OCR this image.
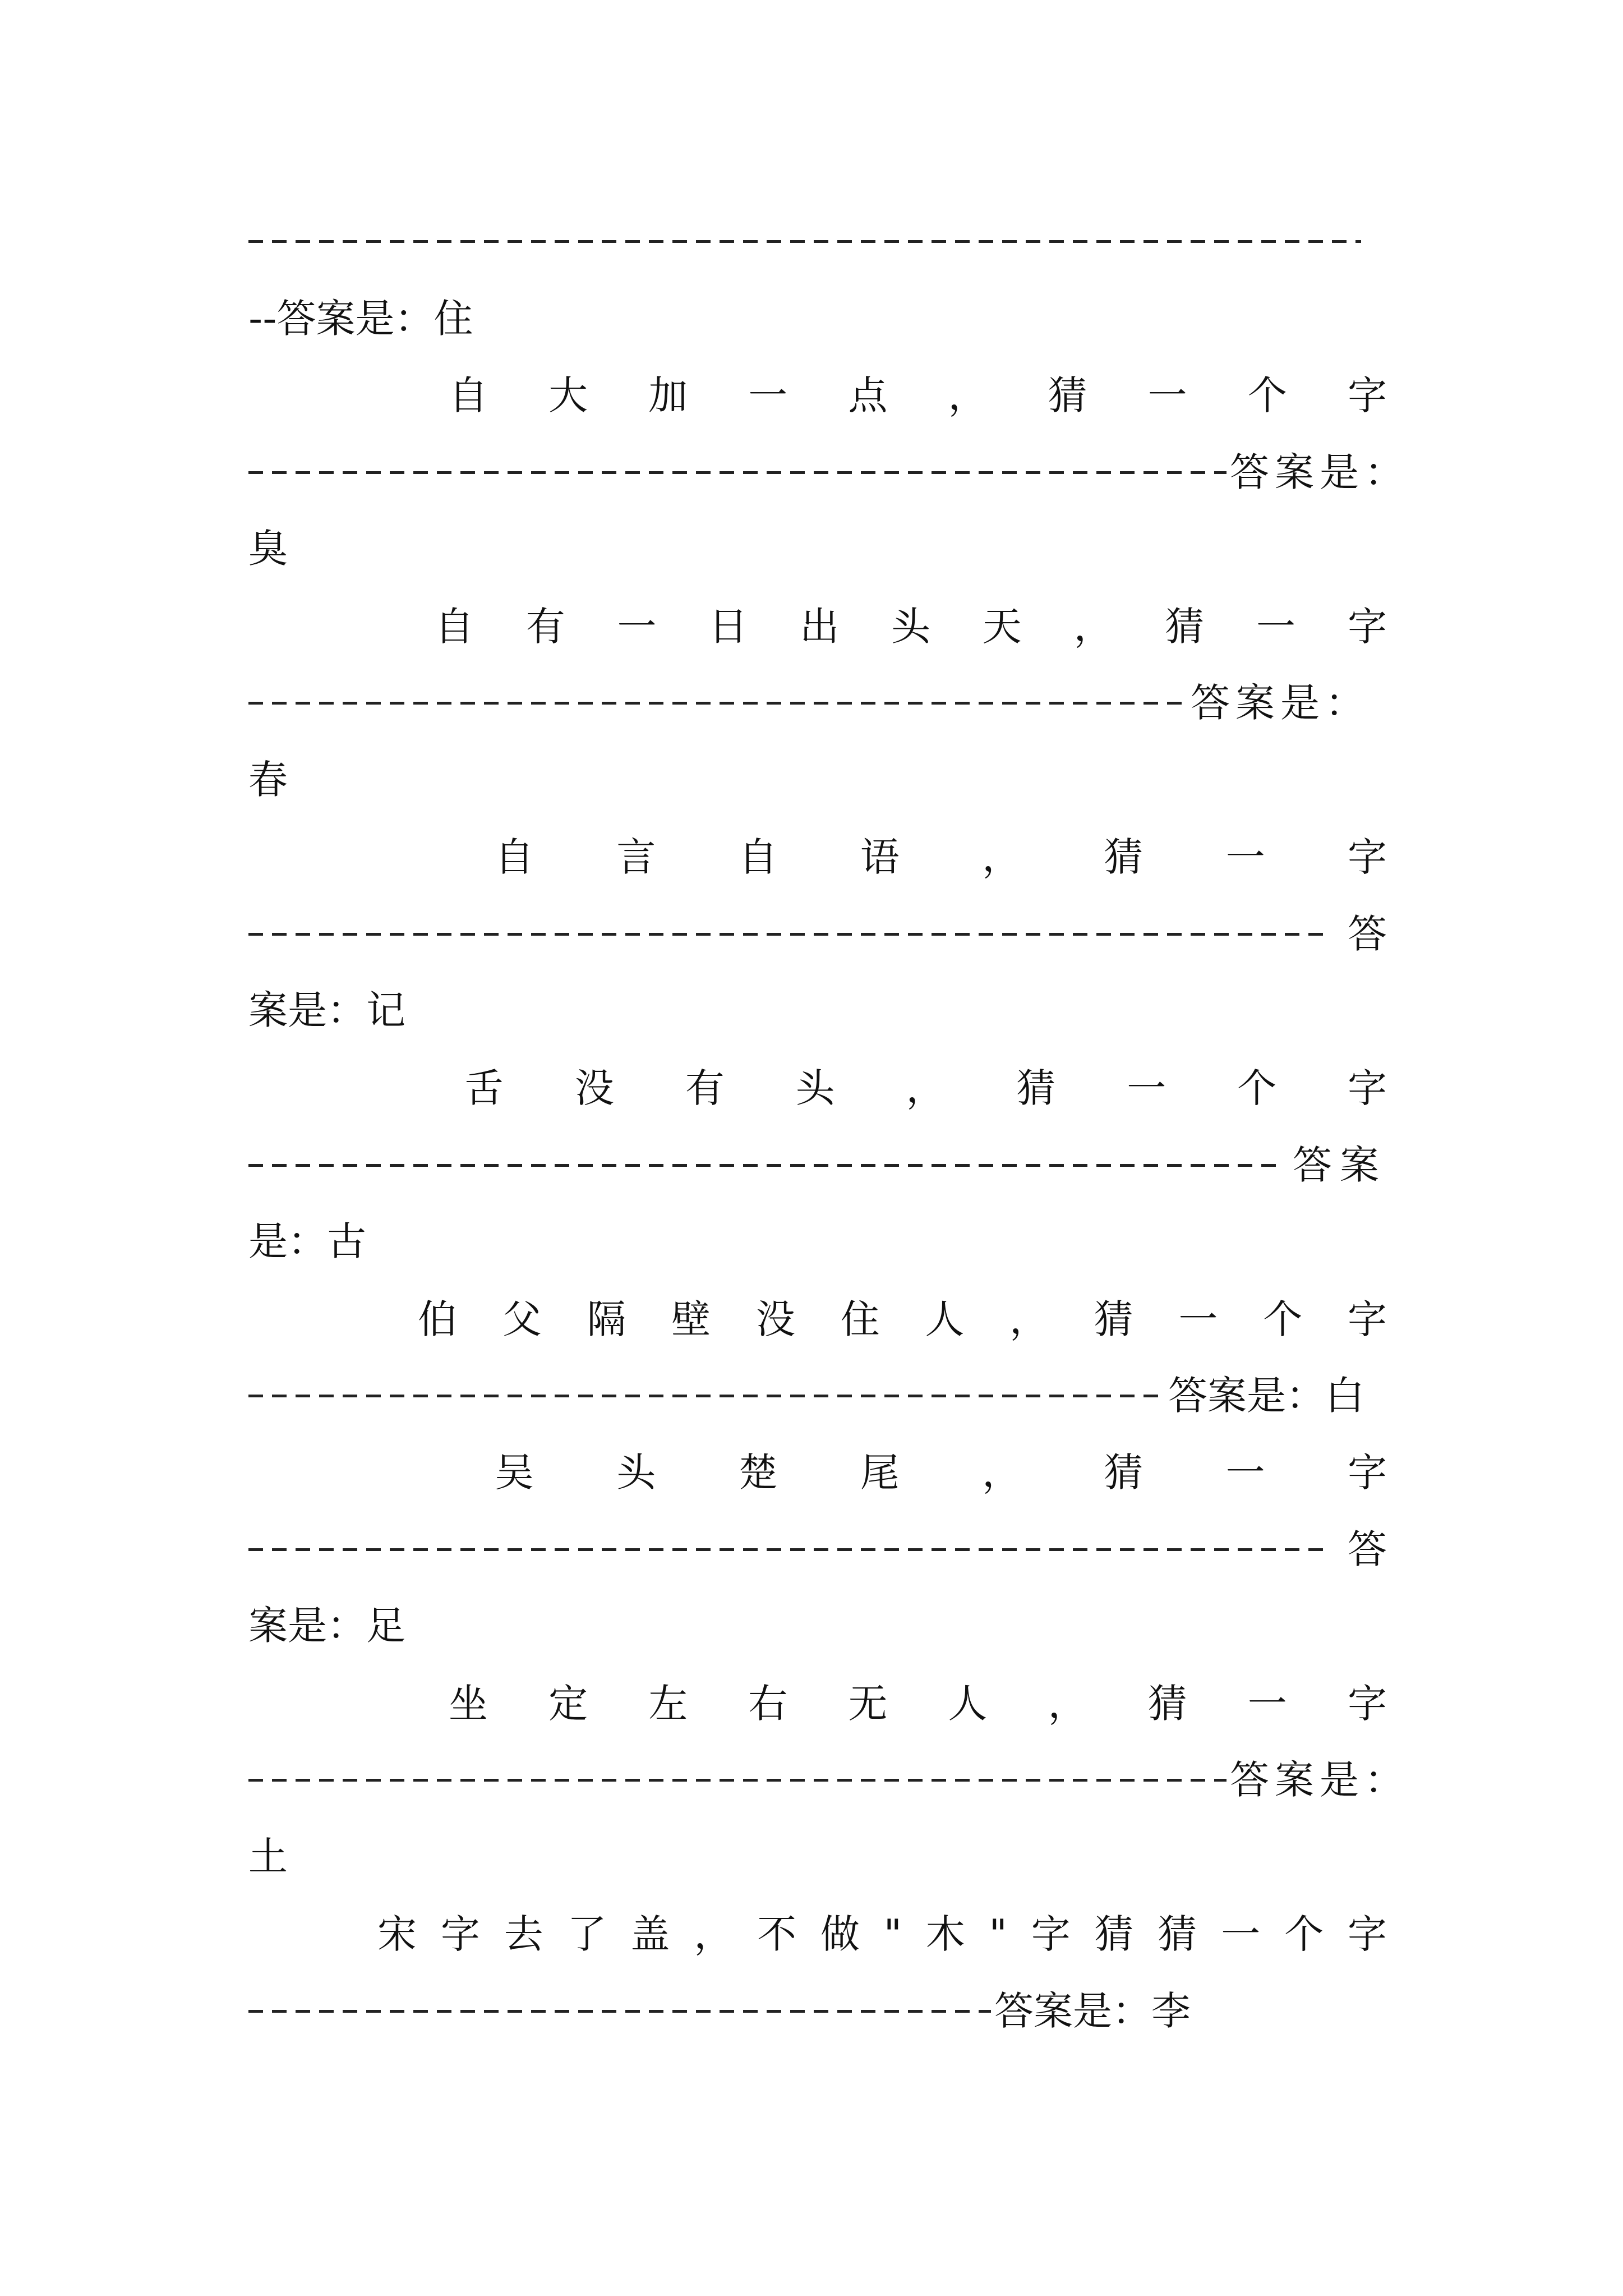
--答案是：住
自 大 加 一 点 ， 猜 一 个 字
答案是：
臭
自 有 一 日 出 头 天 ， 猜 一 字
答案是：
春
自 言 自 语 ， 猜 一 字
答
案是：记
舌 没 有 头 ， 猜 一 个 字
答案
是：古
伯 父 隔 壁 没 住 人 ， 猜 一 个 字
答案是：白
吴 头 楚 尾 ， 猜 一 字
答
案是：足
坐 定 左 右 无 人 ， 猜 一 字
答案是：
土
宋 字 去 了 盖 ， 不 做 " 木 " 字 猜 猜 一 个 字
答案是：李
